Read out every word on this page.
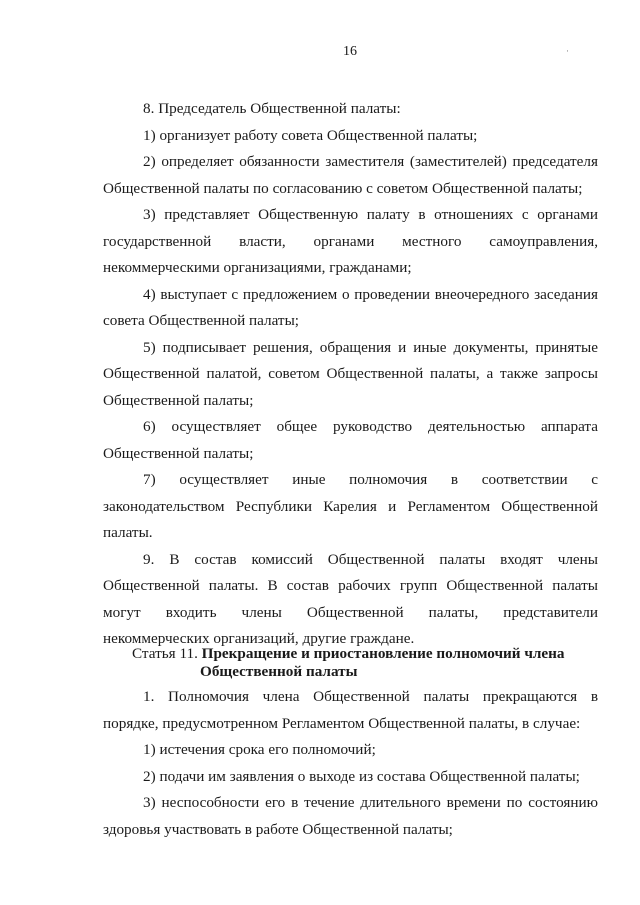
16	·

8. Председатель Общественной палаты:

1) организует работу совета Общественной палаты;

2) определяет обязанности заместителя (заместителей) председателя Общественной палаты по согласованию с советом Общественной палаты;

3) представляет Общественную палату в отношениях с органами государственной власти, органами местного самоуправления, некоммерческими организациями, гражданами;

4) выступает с предложением о проведении внеочередного заседания совета Общественной палаты;

5) подписывает решения, обращения и иные документы, принятые Общественной палатой, советом Общественной палаты, а также запросы Общественной палаты;

6) осуществляет общее руководство деятельностью аппарата Общественной палаты;

7) осуществляет иные полномочия в соответствии с законодательством Республики Карелия и Регламентом Общественной палаты.

9. В состав комиссий Общественной палаты входят члены Общественной палаты. В состав рабочих групп Общественной палаты могут входить члены Общественной палаты, представители некоммерческих организаций, другие граждане.

Статья 11. Прекращение и приостановление полномочий члена
Общественной палаты

1. Полномочия члена Общественной палаты прекращаются в порядке, предусмотренном Регламентом Общественной палаты, в случае:

1) истечения срока его полномочий;

2) подачи им заявления о выходе из состава Общественной палаты;

3) неспособности его в течение длительного времени по состоянию здоровья участвовать в работе Общественной палаты;
